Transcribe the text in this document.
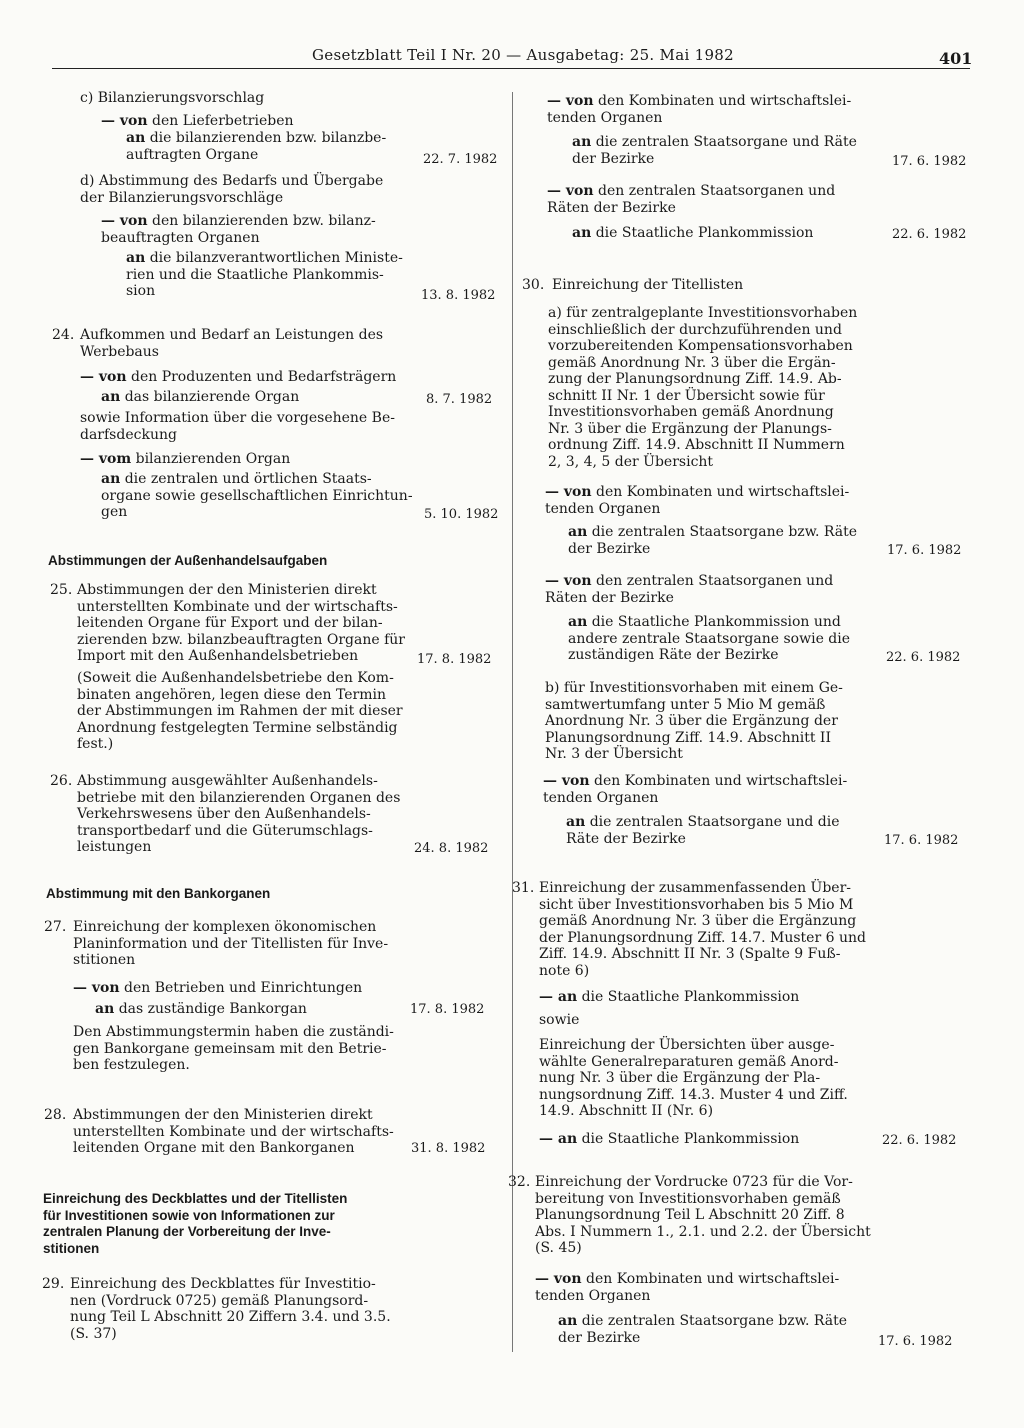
Gesetzblatt Teil I Nr. 20 — Ausgabetag: 25. Mai 1982	401
c) Bilanzierungsvorschlag
— von den Lieferbetrieben
an die bilanzierenden bzw. bilanzbe-
auftragten Organe
d) Abstimmung des Bedarfs und Übergabe
der Bilanzierungsvorschläge
— von den bilanzierenden bzw. bilanz-
beauftragten Organen
an die bilanzverantwortlichen Ministe-
rien und die Staatliche Plankommis-
sion
Aufkommen und Bedarf an Leistungen des
Werbebaus
— von den Produzenten und Bedarfsträgern
an das bilanzierende Organ
sowie Information über die vorgesehene Be-
darfsdeckung
— vom bilanzierenden Organ
an die zentralen und örtlichen Staats-
organe sowie gesellschaftlichen Einrichtun-
gen
Abstimmungen der den Ministerien direkt
unterstellten Kombinate und der wirtschafts-
leitenden Organe für Export und der bilan-
zierenden bzw. bilanzbeauftragten Organe für
Import mit den Außenhandelsbetrieben
(Soweit die Außenhandelsbetriebe den Kom-
binaten angehören, legen diese den Termin
der Abstimmungen im Rahmen der mit dieser
Anordnung festgelegten Termine selbständig
fest.)
Abstimmung ausgewählter Außenhandels-
betriebe mit den bilanzierenden Organen des
Verkehrswesens über den Außenhandels-
transportbedarf und die Güterumschlags-
leistungen
Einreichung der komplexen ökonomischen
Planinformation und der Titellisten für Inve-
stitionen
— von den Betrieben und Einrichtungen
an das zuständige Bankorgan
Den Abstimmungstermin haben die zuständi-
gen Bankorgane gemeinsam mit den Betrie-
ben festzulegen.
Abstimmungen der den Ministerien direkt
unterstellten Kombinate und der wirtschafts-
leitenden Organe mit den Bankorganen
Einreichung des Deckblattes für Investitio-
nen (Vordruck 0725) gemäß Planungsord-
nung Teil L Abschnitt 20 Ziffern 3.4. und 3.5.
(S. 37)
— von den Kombinaten und wirtschaftslei-
tenden Organen
an die zentralen Staatsorgane und Räte
der Bezirke
— von den zentralen Staatsorganen und
Räten der Bezirke
an die Staatliche Plankommission
Einreichung der Titellisten
a) für zentralgeplante Investitionsvorhaben
einschließlich der durchzuführenden und
vorzubereitenden Kompensationsvorhaben
gemäß Anordnung Nr. 3 über die Ergän-
zung der Planungsordnung Ziff. 14.9. Ab-
schnitt II Nr. 1 der Übersicht sowie für
Investitionsvorhaben gemäß Anordnung
Nr. 3 über die Ergänzung der Planungs-
ordnung Ziff. 14.9. Abschnitt II Nummern
2, 3, 4, 5 der Übersicht
— von den Kombinaten und wirtschaftslei-
tenden Organen
an die zentralen Staatsorgane bzw. Räte
der Bezirke
— von den zentralen Staatsorganen und
Räten der Bezirke
an die Staatliche Plankommission und
andere zentrale Staatsorgane sowie die
zuständigen Räte der Bezirke
b) für Investitionsvorhaben mit einem Ge-
samtwertumfang unter 5 Mio M gemäß
Anordnung Nr. 3 über die Ergänzung der
Planungsordnung Ziff. 14.9. Abschnitt II
Nr. 3 der Übersicht
— von den Kombinaten und wirtschaftslei-
tenden Organen
an die zentralen Staatsorgane und die
Räte der Bezirke
Einreichung der zusammenfassenden Über-
sicht über Investitionsvorhaben bis 5 Mio M
gemäß Anordnung Nr. 3 über die Ergänzung
der Planungsordnung Ziff. 14.7. Muster 6 und
Ziff. 14.9. Abschnitt II Nr. 3 (Spalte 9 Fuß-
note 6)
— an die Staatliche Plankommission
sowie
Einreichung der Übersichten über ausge-
wählte Generalreparaturen gemäß Anord-
nung Nr. 3 über die Ergänzung der Pla-
nungsordnung Ziff. 14.3. Muster 4 und Ziff.
14.9. Abschnitt II (Nr. 6)
— an die Staatliche Plankommission
Einreichung der Vordrucke 0723 für die Vor-
bereitung von Investitionsvorhaben gemäß
Planungsordnung Teil L Abschnitt 20 Ziff. 8
Abs. I Nummern 1., 2.1. und 2.2. der Übersicht
(S. 45)
— von den Kombinaten und wirtschaftslei-
tenden Organen
an die zentralen Staatsorgane bzw. Räte
der Bezirke
24.
25.
26.
27.
28.
29.
30.
31.
32.
22. 7. 1982
13. 8. 1982
8. 7. 1982
5. 10. 1982
17. 8. 1982
24. 8. 1982
17. 8. 1982
31. 8. 1982
17. 6. 1982
22. 6. 1982
17. 6. 1982
22. 6. 1982
17. 6. 1982
22. 6. 1982
17. 6. 1982
Abstimmungen der Außenhandelsaufgaben
Abstimmung mit den Bankorganen
Einreichung des Deckblattes und der Titellisten
für Investitionen sowie von Informationen zur
zentralen Planung der Vorbereitung der Inve-
stitionen
